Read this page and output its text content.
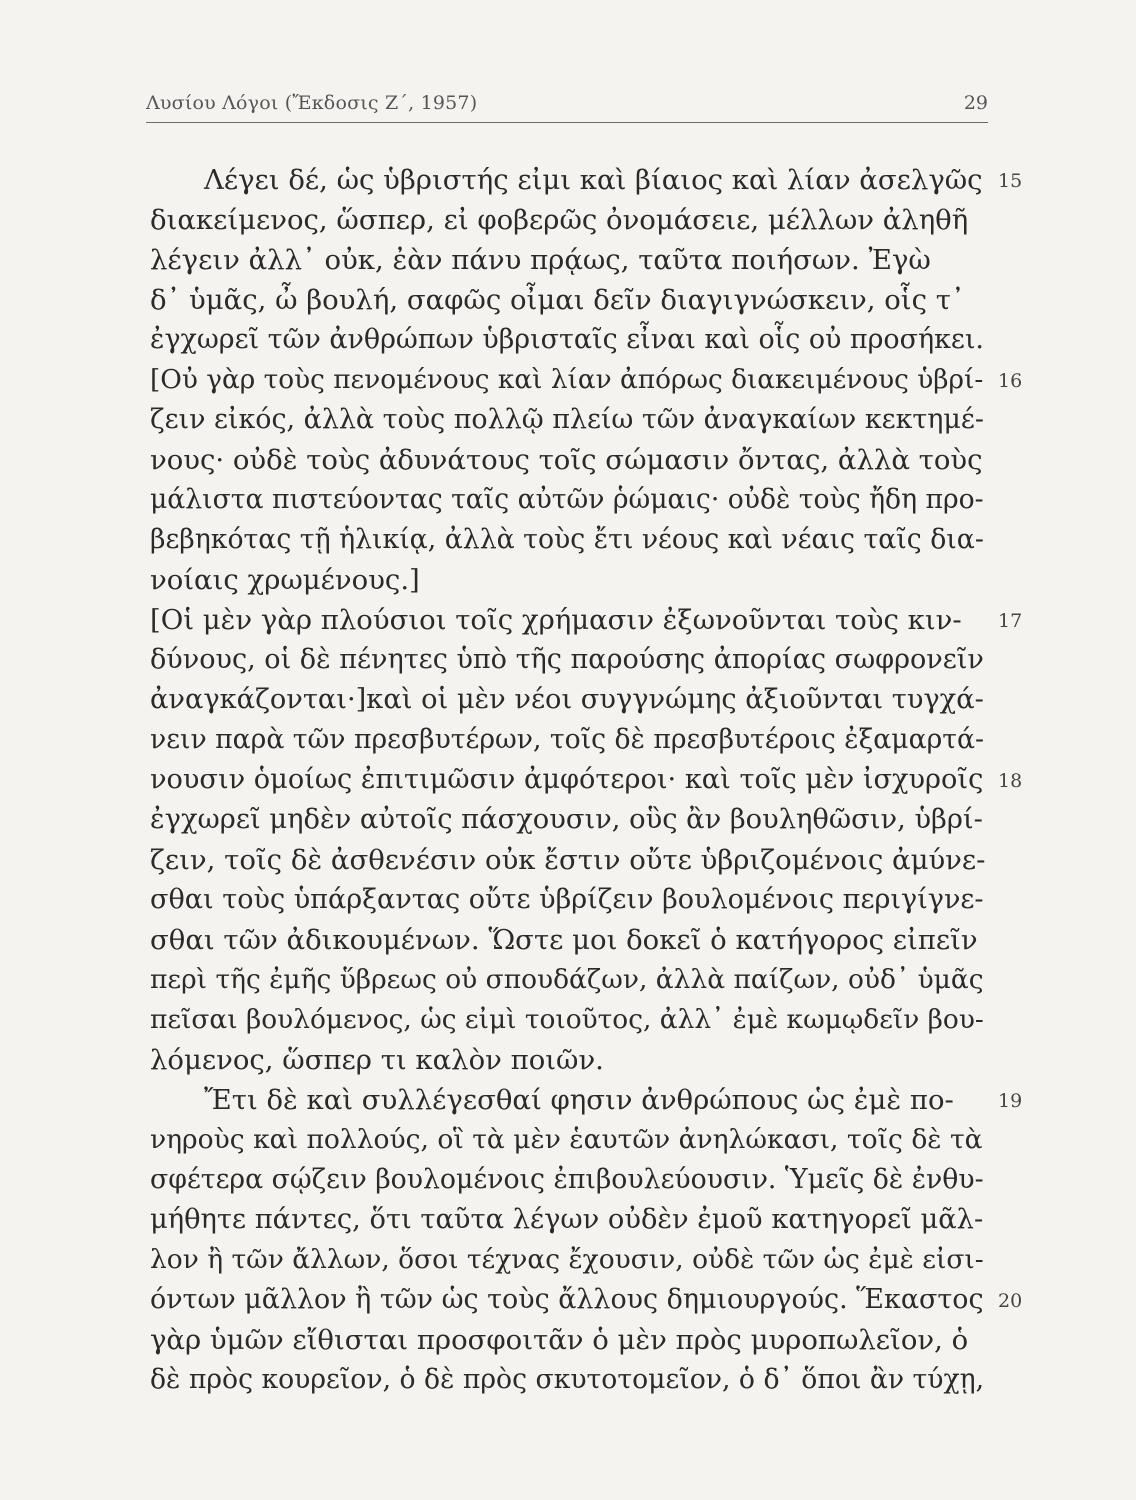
Λυσίου Λόγοι (Ἔκδοσις Ζ΄, 1957)	29
Λέγει δέ, ὡς ὑβριστής εἰμι καὶ βίαιος καὶ λίαν ἀσελγῶς
διακείμενος, ὥσπερ, εἰ φοβερῶς ὀνομάσειε, μέλλων ἀληθῆ
λέγειν ἀλλ᾽ οὐκ, ἐὰν πάνυ πρᾴως, ταῦτα ποιήσων. Ἐγὼ
δ᾽ ὑμᾶς, ὦ βουλή, σαφῶς οἶμαι δεῖν διαγιγνώσκειν, οἷς τ᾽
ἐγχωρεῖ τῶν ἀνθρώπων ὑβρισταῖς εἶναι καὶ οἷς οὐ προσήκει.
[Οὐ γὰρ τοὺς πενομένους καὶ λίαν ἀπόρως διακειμένους ὑβρί-
ζειν εἰκός, ἀλλὰ τοὺς πολλῷ πλείω τῶν ἀναγκαίων κεκτημέ-
νους· οὐδὲ τοὺς ἀδυνάτους τοῖς σώμασιν ὄντας, ἀλλὰ τοὺς
μάλιστα πιστεύοντας ταῖς αὐτῶν ῥώμαις· οὐδὲ τοὺς ἤδη προ-
βεβηκότας τῇ ἡλικίᾳ, ἀλλὰ τοὺς ἔτι νέους καὶ νέαις ταῖς δια-
νοίαις χρωμένους.]
[Οἱ μὲν γὰρ πλούσιοι τοῖς χρήμασιν ἐξωνοῦνται τοὺς κιν-
δύνους, οἱ δὲ πένητες ὑπὸ τῆς παρούσης ἀπορίας σωφρονεῖν
ἀναγκάζονται·]καὶ οἱ μὲν νέοι συγγνώμης ἀξιοῦνται τυγχά-
νειν παρὰ τῶν πρεσβυτέρων, τοῖς δὲ πρεσβυτέροις ἐξαμαρτά-
νουσιν ὁμοίως ἐπιτιμῶσιν ἀμφότεροι· καὶ τοῖς μὲν ἰσχυροῖς
ἐγχωρεῖ μηδὲν αὐτοῖς πάσχουσιν, οὓς ἂν βουληθῶσιν, ὑβρί-
ζειν, τοῖς δὲ ἀσθενέσιν οὐκ ἔστιν οὔτε ὑβριζομένοις ἀμύνε-
σθαι τοὺς ὑπάρξαντας οὔτε ὑβρίζειν βουλομένοις περιγίγνε-
σθαι τῶν ἀδικουμένων. Ὥστε μοι δοκεῖ ὁ κατήγορος εἰπεῖν
περὶ τῆς ἐμῆς ὕβρεως οὐ σπουδάζων, ἀλλὰ παίζων, οὐδ᾽ ὑμᾶς
πεῖσαι βουλόμενος, ὡς εἰμὶ τοιοῦτος, ἀλλ᾽ ἐμὲ κωμῳδεῖν βου-
λόμενος, ὥσπερ τι καλὸν ποιῶν.
Ἔτι δὲ καὶ συλλέγεσθαί φησιν ἀνθρώπους ὡς ἐμὲ πο-
νηροὺς καὶ πολλούς, οἳ τὰ μὲν ἑαυτῶν ἀνηλώκασι, τοῖς δὲ τὰ
σφέτερα σῴζειν βουλομένοις ἐπιβουλεύουσιν. Ὑμεῖς δὲ ἐνθυ-
μήθητε πάντες, ὅτι ταῦτα λέγων οὐδὲν ἐμοῦ κατηγορεῖ μᾶλ-
λον ἢ τῶν ἄλλων, ὅσοι τέχνας ἔχουσιν, οὐδὲ τῶν ὡς ἐμὲ εἰσι-
όντων μᾶλλον ἢ τῶν ὡς τοὺς ἄλλους δημιουργούς. Ἕκαστος
γὰρ ὑμῶν εἴθισται προσφοιτᾶν ὁ μὲν πρὸς μυροπωλεῖον, ὁ
δὲ πρὸς κουρεῖον, ὁ δὲ πρὸς σκυτοτομεῖον, ὁ δ᾽ ὅποι ἂν τύχῃ,
15
16
17
18
19
20
